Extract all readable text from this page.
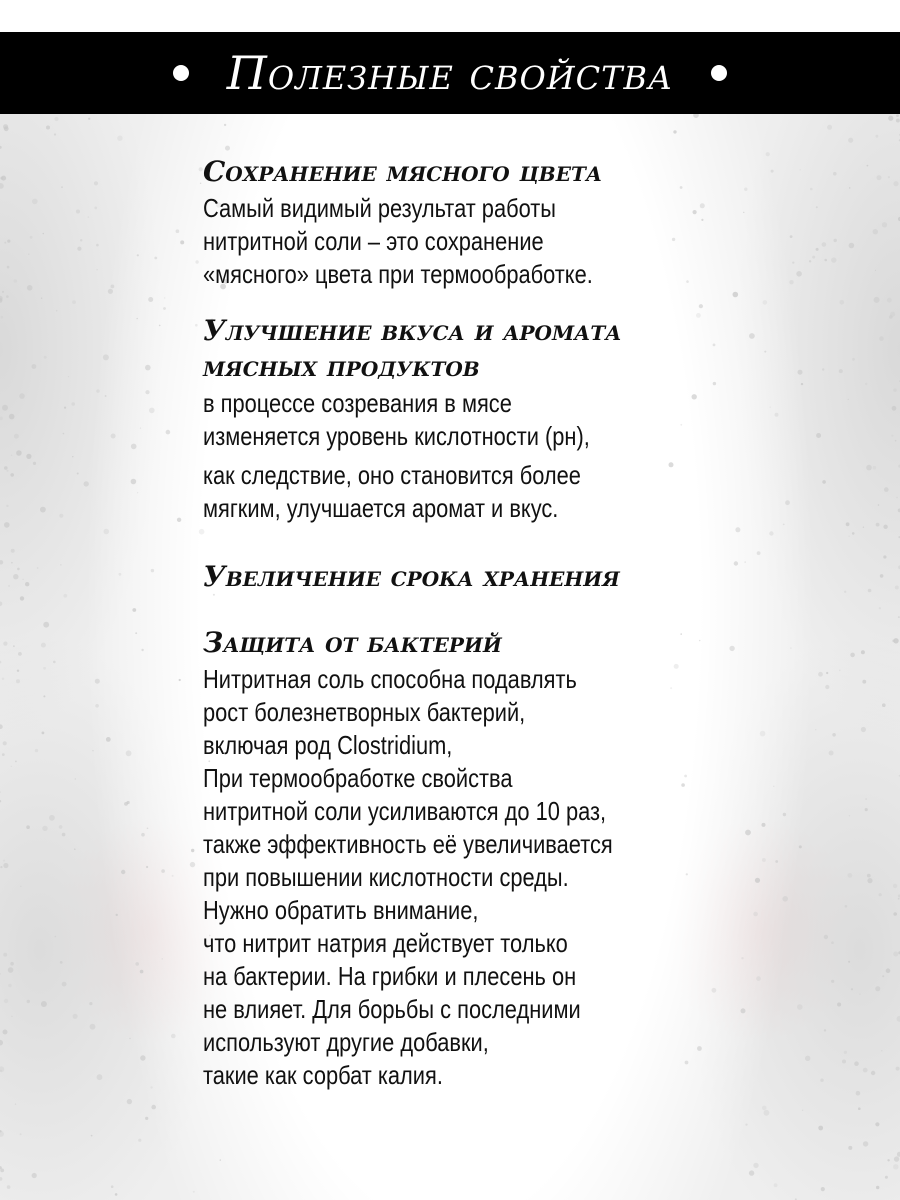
Полезные свойства

Сохранение мясного цвета

Самый видимый результат работы
нитритной соли – это сохранение
«мясного» цвета при термообработке.

Улучшение вкуса и аромата

мясных продуктов

в процессе созревания в мясе
изменяется уровень кислотности (рн),
как следствие, оно становится более
мягким, улучшается аромат и вкус.

Увеличение срока хранения

Защита от бактерий

Нитритная соль способна подавлять
рост болезнетворных бактерий,
включая род Clostridium,
При термообработке свойства
нитритной соли усиливаются до 10 раз,
также эффективность её увеличивается
при повышении кислотности среды.
Нужно обратить внимание,
что нитрит натрия действует только
на бактерии. На грибки и плесень он
не влияет. Для борьбы с последними
используют другие добавки,
такие как сорбат калия.
